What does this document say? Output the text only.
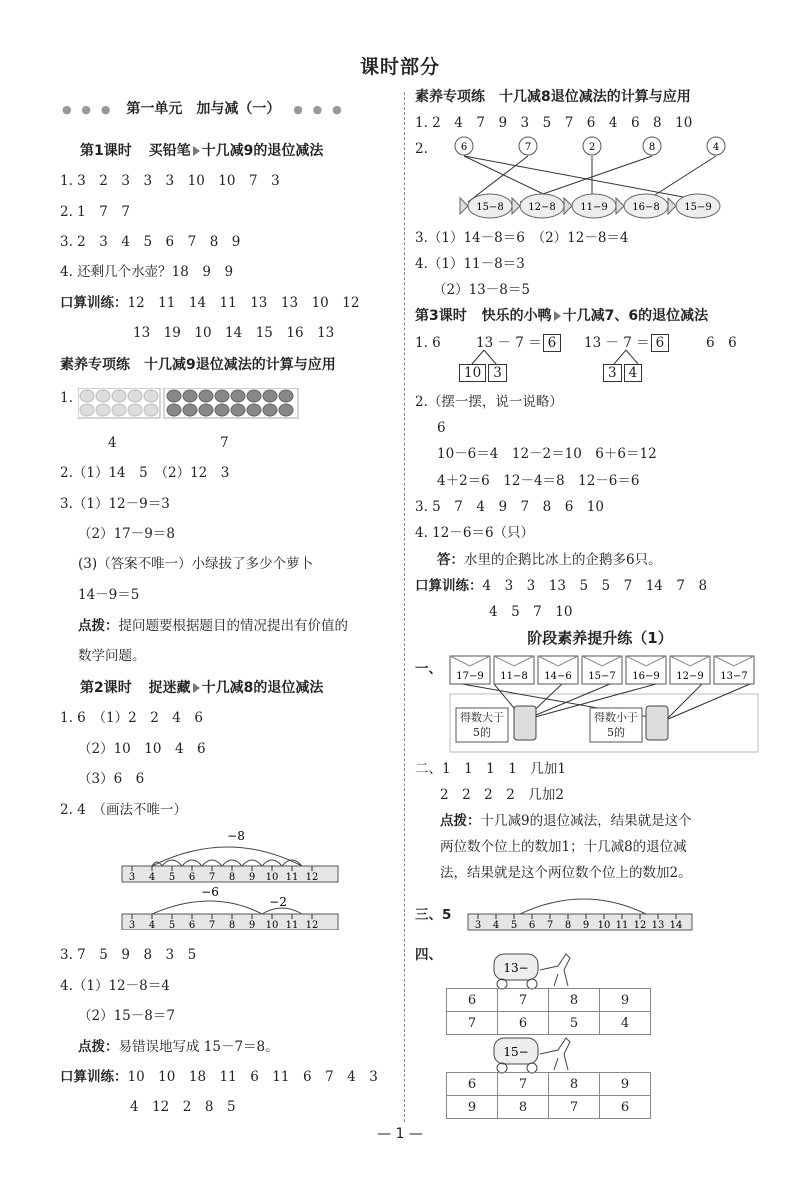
课时部分
● ● ● 第一单元　加与减（一） ● ● ●
第1课时 买铅笔 十几减9的退位减法
1. 3　2　3　3　3　10　10　7　3
2. 1　7　7
3. 2　3　4　5　6　7　8　9
4. 还剩几个水壶？18　9　9
口算训练：12　11　14　11　13　13　10　12
13　19　10　14　15　16　13
素养专项练　十几减9退位减法的计算与应用
1.
4	7
2.（1）14　5　（2）12　3
3.（1）12－9＝3
（2）17－9＝8
(3)（答案不唯一）小绿拔了多少个萝卜
14－9＝5
点拨：提问题要根据题目的情况提出有价值的
数学问题。
第2课时 捉迷藏 十几减8的退位减法
1. 6　（1）2　2　4　6
（2）10　10　4　6
（3）6　6
2. 4　（画法不唯一）
−8
3 4 5 6 7 8 9 10 11 12
−6
−2
3 4 5 6 7 8 9 10 11 12
3. 7　5　9　8　3　5
4.（1）12－8＝4
（2）15－8＝7
点拨：易错误地写成 15－7＝8。
口算训练：10　10　18　11　6　11　6　7　4　3
4　12　2　8　5
素养专项练　十几减8退位减法的计算与应用
1. 2　4　7　9　3　5　7　6　4　6　8　10
2.	6	7	2	8	4
15−8 12−8 11−9 16−8 15−9
3.（1）14－8＝6　（2）12－8＝4
4.（1）11－8＝3
（2）13－8＝5
第3课时 快乐的小鸭 十几减7、6的退位减法
1. 6	13 － 7 ＝ 6	13 － 7 ＝ 6	6　6
10 3	3 4
2.（摆一摆，说一说略）
6
10－6＝4　12－2＝10　6＋6＝12
4＋2＝6　12－4＝8　12－6＝6
3. 5　7　4　9　7　8　6　10
4. 12－6＝6（只）
答：水里的企鹅比冰上的企鹅多6只。
口算训练：4　3　3　13　5　5　7　14　7　8
4　5　7　10
阶段素养提升练（1）
一、 17−9 11−8 14−6 15−7 16−9 12−9 13−7
得数大于5的
得数小于5的
二、1　1　1　1　几加1
2　2　2　2　几加2
点拨：十几减9的退位减法，结果就是这个
两位数个位上的数加1；十几减8的退位减
法，结果就是这个两位数个位上的数加2。
三、5
3 4 5 6 7 8 9 10 11 12 13 14
四、
13−
6	7	8	9
7	6	5	4
15−
6	7	8	9
9	8	7	6
— 1 —
